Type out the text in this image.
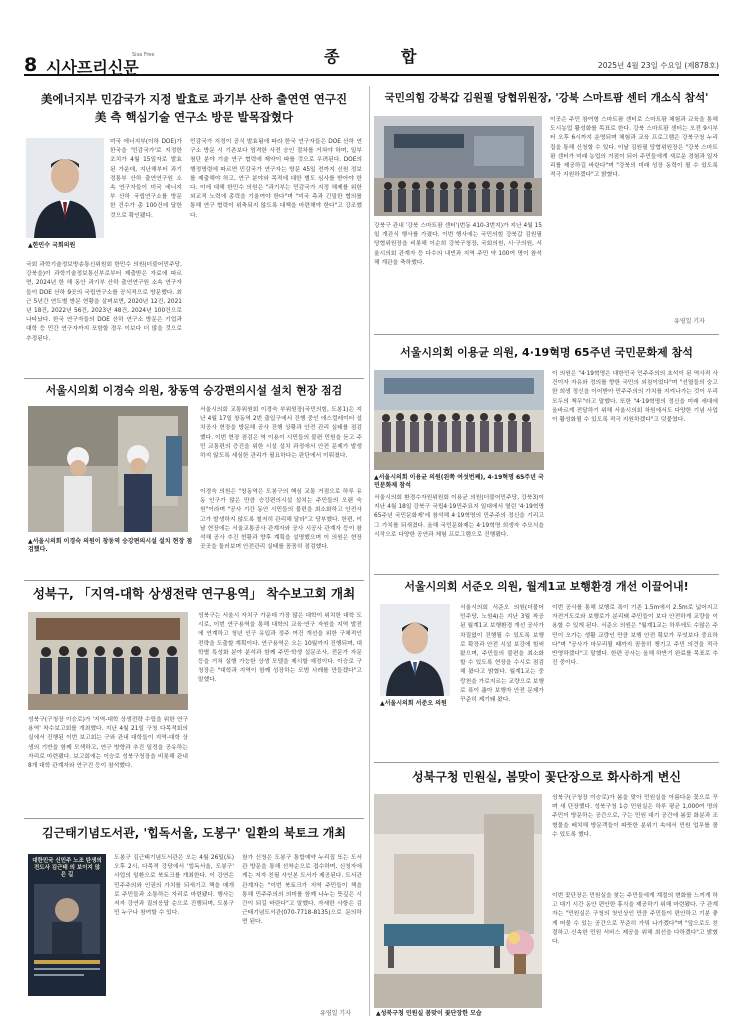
8 시사프리신문
Sisa Free	종 합	2025년 4월 23일 수요일 (제878호)
美에너지부 민감국가 지정 발효로 과기부 산하 출연연 연구진
美 측 핵심기술 연구소 방문 발목잡혔다
▲한민수 국회의원
미국 에너지부(이하 DOE)가 한국을 '민감국가'로 지정한 조치가 4월 15일자로 발효된 가운데, 지난해부터 과기정통부 산하 출연연구원 소속 연구자들이 미국 에너지부 산하 국립연구소를 방문한 건수가 총 100건에 달한 것으로 확인됐다.
국회 과학기술정보방송통신위원회 한민수 의원(더불어민주당, 강북을)이 과학기술정보통신부로부터 제출받은 자료에 따르면, 2024년 한 해 동안 과기부 산하 출연연구원 소속 연구자들이 DOE 산하 9곳의 국립연구소를 공식적으로 방문했다. 최근 5년간 연도별 방문 현황을 살펴보면, 2020년 12건, 2021년 18건, 2022년 56건, 2023년 48건, 2024년 100건으로 나타났다. 한국 연구자들의 DOE 산하 연구소 방문은 기업과 대학 등 민간 연구자까지 포함할 경우 이보다 더 많을 것으로 추정된다.
민감국가 지정이 공식 발효됨에 따라 한국 연구자들은 DOE 산하 연구소 방문 시 기존보다 엄격한 사전 승인 절차를 거쳐야 하며, 일부 첨단 분야 기술 연구 협력에 제약이 따를 것으로 우려된다. DOE의 행정명령에 따르면 민감국가 연구자는 방문 45일 전까지 신원 정보를 제출해야 하고, 연구 분야와 목적에 대한 별도 심사를 받아야 한다. 이에 대해 한민수 의원은 "과기부는 민감국가 지정 해제를 위한 외교적 노력에 총력을 기울여야 한다"며 "미국 측과 긴밀한 협의를 통해 연구 협력이 위축되지 않도록 대책을 마련해야 한다"고 강조했다.
국민의힘 강북갑 김원필 당협위원장, '강북 스마트팜 센터 개소식 참석'
강북구 관내 '강북 스마트팜 센터'(번동 410-3번지)가 지난 4월 15일 개관식 행사를 가졌다. 이번 행사에는 국민의힘 강북갑 김원필 당협위원장을 비롯해 이순희 강북구청장, 국회의원, 시·구의원, 서울시의회 관계자 등 다수의 내빈과 지역 주민 약 100여 명이 참석해 개관을 축하했다.
이곳은 주민 참여형 스마트팜 센터로 스마트팜 체험과 교육을 통해 도시농업 활성화를 목표로 한다. 강북 스마트팜 센터는 오전 9시부터 오후 6시까지 운영되며 체험과 교육 프로그램은 강북구청 누리집을 통해 신청할 수 있다. 이날 김원필 당협위원장은 "강북 스마트팜 센터가 미래 농업의 거점이 되어 주민들에게 새로운 경험과 일자리를 제공하길 바란다"며 "강북의 미래 성장 동력이 될 수 있도록 적극 지원하겠다"고 밝혔다.
유영일 기자
서울시의회 이경숙 의원, 창동역 승강편의시설 설치 현장 점검
▲서울시의회 이경숙 의원이 창동역 승강편의시설 설치 현장 점검했다.
서울시의회 교통위원회 이경숙 부위원장(국민의힘, 도봉1)은 지난 4월 17일 창동역 2번 출입구에서 진행 중인 에스컬레이터 설치공사 현장을 방문해 공사 진행 상황과 안전 관리 실태를 점검했다. 이번 현장 점검은 역 이용이 시민들의 불편 민원을 듣고 주민 교통편의 증진을 위한 시설 설치 과정에서 안전 문제가 발생하지 않도록 세심한 관리가 필요하다는 판단에서 이뤄졌다.
이경숙 의원은 "창동역은 도봉구의 핵심 교통 거점으로 하루 유동 인구가 많은 만큼 승강편의시설 설치는 주민들의 오랜 숙원"이라며 "공사 기간 동안 시민들의 불편을 최소화하고 안전사고가 발생하지 않도록 철저히 관리해 달라"고 당부했다. 한편, 이날 현장에는 서울교통공사 관계자와 공사 시공사 관계자 등이 참석해 공사 추진 현황과 향후 계획을 설명했으며 이 의원은 현장 곳곳을 둘러보며 안전관리 실태를 꼼꼼히 점검했다.
서울시의회 이용균 의원, 4·19혁명 65주년 국민문화제 참석
▲서울시의회 이용균 의원(왼쪽 여섯번째), 4·19혁명 65주년 국민문화제 참석
서울시의회 환경수자원위원회 이용균 의원(더불어민주당, 강북3)이 지난 4월 18일 강북구 국립4·19민주묘지 일대에서 열린 '4·19혁명 65주년 국민문화제'에 참석해 4·19혁명의 민주주의 정신을 기리고 그 가치를 되새겼다. 올해 국민문화제는 4·19혁명 희생자 추모식을 시작으로 다양한 공연과 체험 프로그램으로 진행됐다.
이 의원은 "4·19혁명은 대한민국 민주주의의 초석이 된 역사적 사건이자 자유와 정의를 향한 국민의 외침이었다"며 "선열들의 숭고한 희생 정신을 이어받아 민주주의의 가치를 지켜나가는 것이 우리 모두의 책무"라고 말했다. 또한 "4·19혁명의 정신을 미래 세대에 올바르게 전달하기 위해 서울시의회 차원에서도 다양한 기념 사업이 활성화될 수 있도록 적극 지원하겠다"고 덧붙였다.
성북구, 「지역-대학 상생전략 연구용역」 착수보고회 개최
성북구(구청장 이승로)가 '지역-대학 상생전략 수립을 위한 연구용역' 착수보고회를 개최했다. 지난 4월 21일 구청 다목적회의실에서 진행된 이번 보고회는 구와 관내 대학들이 지역-대학 상생의 기반을 함께 모색하고, 연구 방향과 추진 일정을 공유하는 자리로 마련됐다. 보고회에는 이승로 성북구청장을 비롯해 관내 8개 대학 관계자와 연구진 등이 참석했다.
성북구는 서울시 자치구 가운데 가장 많은 대학이 위치한 대학 도시로, 이번 연구용역을 통해 대학의 교육·연구 자원을 지역 발전에 연계하고 청년 인구 유입과 정주 여건 개선을 위한 구체적인 전략을 도출할 계획이다. 연구용역은 오는 10월까지 진행되며, 대학별 특성화 분야 분석과 함께 주민·학생 설문조사, 전문가 자문 등을 거쳐 실행 가능한 상생 모델을 제시할 예정이다. 이승로 구청장은 "대학과 지역이 함께 성장하는 모범 사례를 만들겠다"고 말했다.
서울시의회 서준오 의원, 월계1교 보행환경 개선 이끌어내!
▲서울시의회 서준오 의원
서울시의회 서준오 의원(더불어민주당, 노원4)은 지난 3월 착공된 월계1교 보행환경 개선 공사가 차질없이 진행될 수 있도록 보행로 확장과 안전 시설 보강에 힘써 왔으며, 주민들의 불편을 최소화할 수 있도록 현장을 수시로 점검해 왔다고 밝혔다. 월계1교는 중랑천을 가로지르는 교량으로 보행로 폭이 좁아 보행자 안전 문제가 꾸준히 제기돼 왔다.
이번 공사를 통해 보행로 폭이 기존 1.5m에서 2.5m로 넓어지고 자전거도로와 보행로가 분리돼 주민들이 보다 안전하게 교량을 이용할 수 있게 된다. 서준오 의원은 "월계1교는 하루에도 수많은 주민이 오가는 생활 교량인 만큼 보행 안전 확보가 무엇보다 중요하다"며 "공사가 마무리될 때까지 꼼꼼히 챙기고 주민 의견을 적극 반영하겠다"고 말했다. 한편 공사는 올해 하반기 완료를 목표로 추진 중이다.
김근태기념도서관, '힙독서울, 도봉구' 일환의 북토크 개최
대한민국 신민주 노조 탄생의 전도사 김근태 의 보이지 않은 길
도봉구 김근태기념도서관은 오는 4월 26일(토) 오후 2시, 다목적 강당에서 '힙독서울, 도봉구' 사업의 일환으로 북토크를 개최한다. 이 강연은 민주주의와 인권의 가치를 되새기고 책을 매개로 주민들과 소통하는 자리로 마련됐다. 행사는 저자 강연과 질의응답 순으로 진행되며, 도봉구민 누구나 참여할 수 있다.
참가 신청은 도봉구 통합예약 누리집 또는 도서관 방문을 통해 선착순으로 접수하며, 신청자에게는 저자 친필 사인본 도서가 제공된다. 도서관 관계자는 "이번 북토크가 지역 주민들이 책을 통해 민주주의의 의미를 함께 나누는 뜻깊은 시간이 되길 바란다"고 말했다. 자세한 사항은 김근태기념도서관(070-7718-8135)으로 문의하면 된다.
유영일 기자
성북구청 민원실, 봄맞이 꽃단장으로 화사하게 변신
▲성북구청 민원실 봄맞이 꽃단장한 모습
성북구(구청장 이승로)가 봄을 맞아 민원실을 아름다운 꽃으로 꾸며 새 단장했다. 성북구청 1층 민원실은 하루 평균 1,000여 명의 주민이 방문하는 공간으로, 구는 민원 대기 공간에 봄꽃 화분과 조형물을 배치해 방문객들이 따뜻한 분위기 속에서 민원 업무를 볼 수 있도록 했다.
이번 꽃단장은 민원실을 찾는 주민들에게 계절의 변화를 느끼게 하고 대기 시간 동안 편안한 휴식을 제공하기 위해 마련됐다. 구 관계자는 "민원실은 구청의 첫인상인 만큼 주민들이 편안하고 기분 좋게 머물 수 있는 공간으로 꾸준히 가꿔 나가겠다"며 "앞으로도 친절하고 신속한 민원 서비스 제공을 위해 최선을 다하겠다"고 밝혔다.
